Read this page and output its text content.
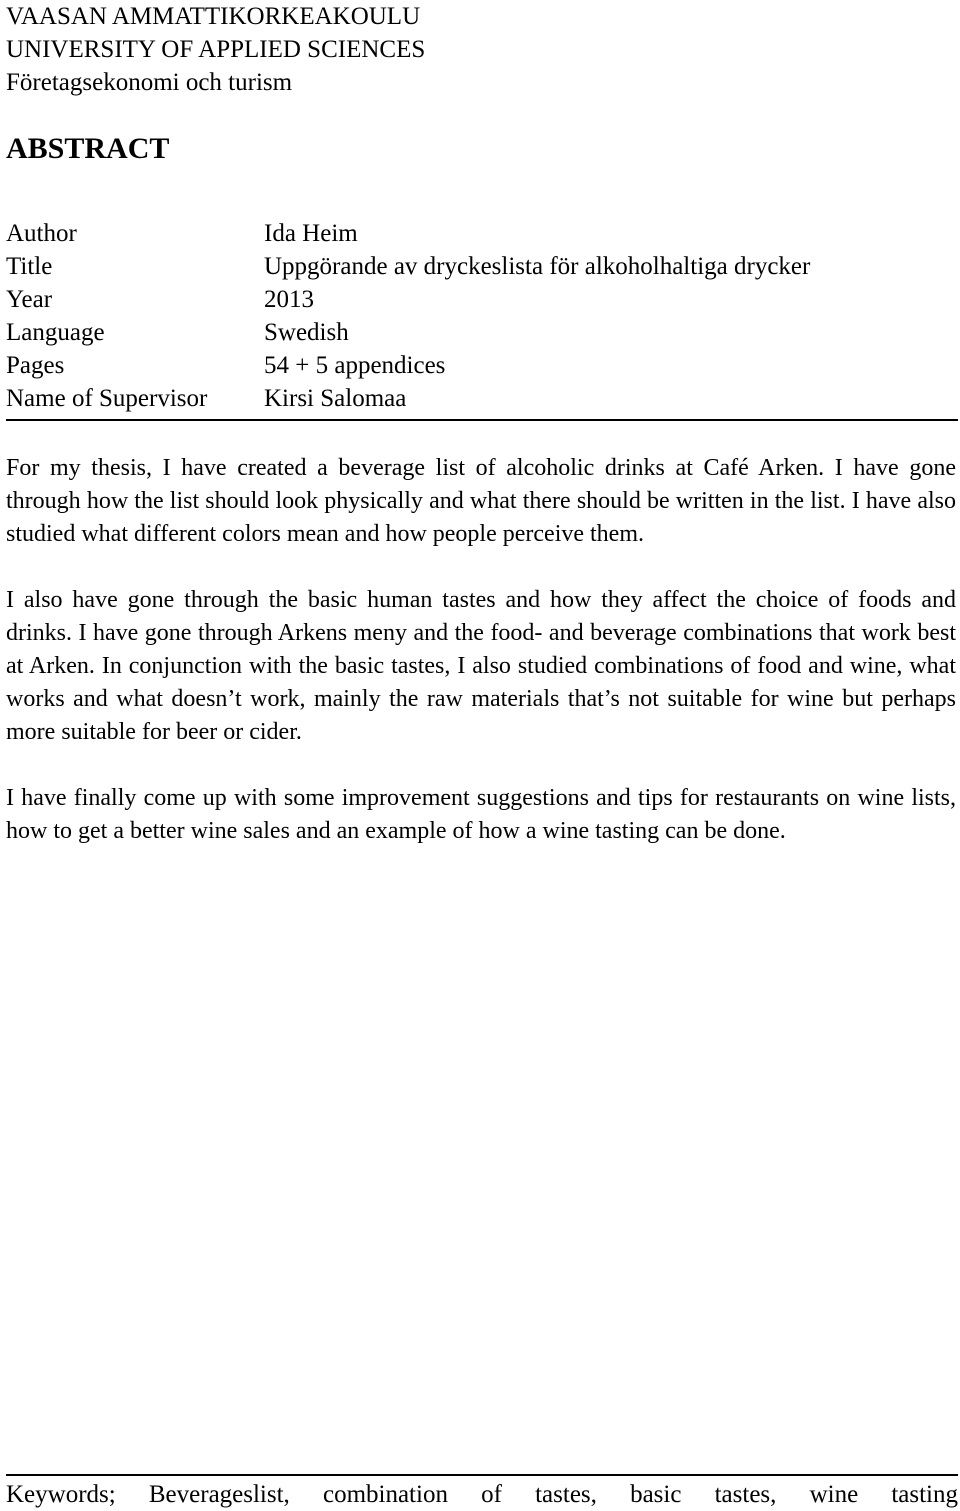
VAASAN AMMATTIKORKEAKOULU

UNIVERSITY OF APPLIED SCIENCES

Företagsekonomi och turism

ABSTRACT
Author	Ida Heim
Title	Uppgörande av dryckeslista för alkoholhaltiga drycker
Year	2013
Language	Swedish
Pages	54 + 5 appendices
Name of Supervisor	Kirsi Salomaa

For my thesis, I have created a beverage list of alcoholic drinks at Café Arken. I have gone through how the list should look physically and what there should be written in the list. I have also studied what different colors mean and how people perceive them.

I also have gone through the basic human tastes and how they affect the choice of foods and drinks. I have gone through Arkens meny and the food- and beverage combinations that work best at Arken. In conjunction with the basic tastes, I also studied combinations of food and wine, what works and what doesn’t work, mainly the raw materials that’s not suitable for wine but perhaps more suitable for beer or cider.

I have finally come up with some improvement suggestions and tips for restaurants on wine lists, how to get a better wine sales and an example of how a wine tasting can be done.

Keywords; Beverageslist, combination of tastes, basic tastes, wine tasting
